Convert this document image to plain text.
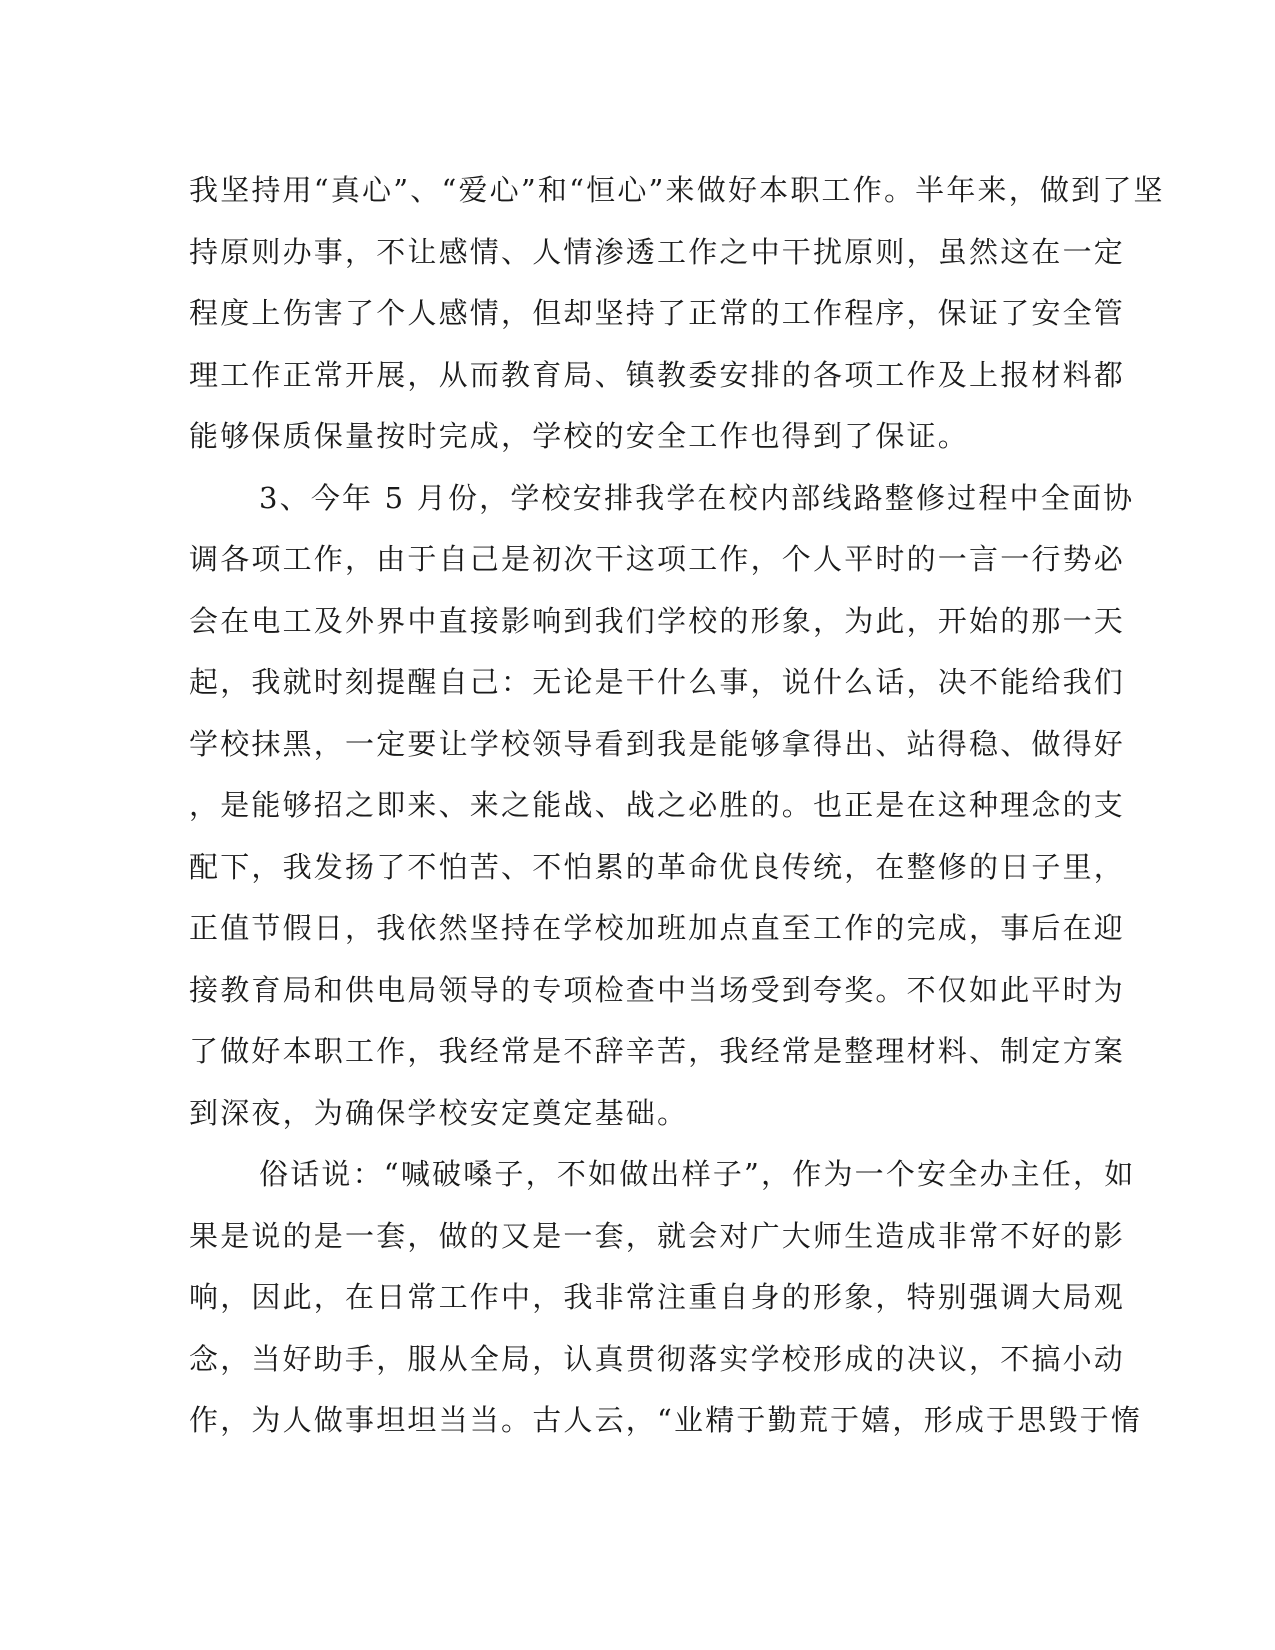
我坚持用“真心”、“爱心”和“恒心”来做好本职工作。半年来，做到了坚
持原则办事，不让感情、人情渗透工作之中干扰原则，虽然这在一定
程度上伤害了个人感情，但却坚持了正常的工作程序，保证了安全管
理工作正常开展，从而教育局、镇教委安排的各项工作及上报材料都
能够保质保量按时完成，学校的安全工作也得到了保证。
3、今年 5 月份，学校安排我学在校内部线路整修过程中全面协
调各项工作，由于自己是初次干这项工作，个人平时的一言一行势必
会在电工及外界中直接影响到我们学校的形象，为此，开始的那一天
起，我就时刻提醒自己：无论是干什么事，说什么话，决不能给我们
学校抹黑，一定要让学校领导看到我是能够拿得出、站得稳、做得好
，是能够招之即来、来之能战、战之必胜的。也正是在这种理念的支
配下，我发扬了不怕苦、不怕累的革命优良传统，在整修的日子里，
正值节假日，我依然坚持在学校加班加点直至工作的完成，事后在迎
接教育局和供电局领导的专项检查中当场受到夸奖。不仅如此平时为
了做好本职工作，我经常是不辞辛苦，我经常是整理材料、制定方案
到深夜，为确保学校安定奠定基础。
俗话说：“喊破嗓子，不如做出样子”，作为一个安全办主任，如
果是说的是一套，做的又是一套，就会对广大师生造成非常不好的影
响，因此，在日常工作中，我非常注重自身的形象，特别强调大局观
念，当好助手，服从全局，认真贯彻落实学校形成的决议，不搞小动
作，为人做事坦坦当当。古人云，“业精于勤荒于嬉，形成于思毁于惰
